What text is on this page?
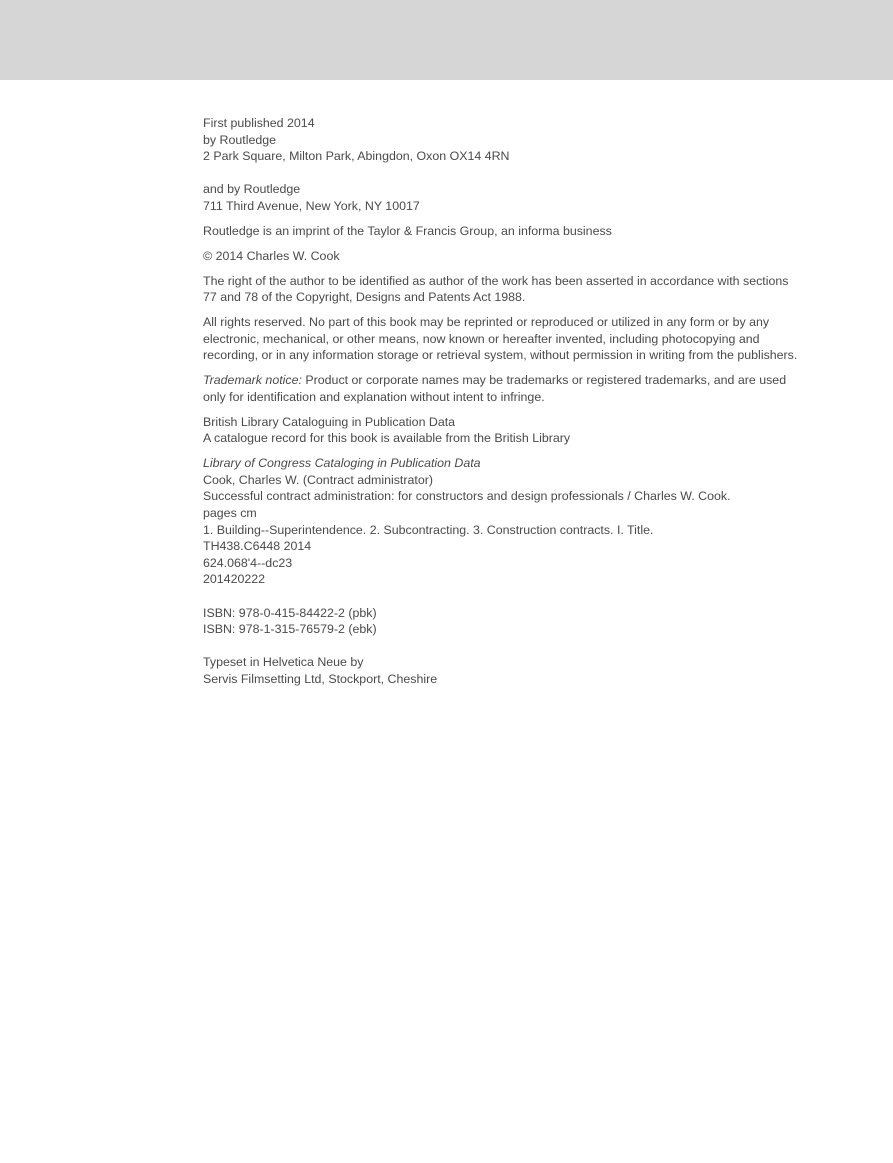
First published 2014
by Routledge
2 Park Square, Milton Park, Abingdon, Oxon OX14 4RN
and by Routledge
711 Third Avenue, New York, NY 10017
Routledge is an imprint of the Taylor & Francis Group, an informa business
© 2014 Charles W. Cook
The right of the author to be identified as author of the work has been asserted in accordance with sections 77 and 78 of the Copyright, Designs and Patents Act 1988.
All rights reserved. No part of this book may be reprinted or reproduced or utilized in any form or by any electronic, mechanical, or other means, now known or hereafter invented, including photocopying and recording, or in any information storage or retrieval system, without permission in writing from the publishers.
Trademark notice: Product or corporate names may be trademarks or registered trademarks, and are used only for identification and explanation without intent to infringe.
British Library Cataloguing in Publication Data
A catalogue record for this book is available from the British Library
Library of Congress Cataloging in Publication Data
Cook, Charles W. (Contract administrator)
Successful contract administration: for constructors and design professionals / Charles W. Cook.
pages cm
1. Building--Superintendence. 2. Subcontracting. 3. Construction contracts. I. Title.
TH438.C6448 2014
624.068'4--dc23
201420222
ISBN: 978-0-415-84422-2 (pbk)
ISBN: 978-1-315-76579-2 (ebk)
Typeset in Helvetica Neue by
Servis Filmsetting Ltd, Stockport, Cheshire
